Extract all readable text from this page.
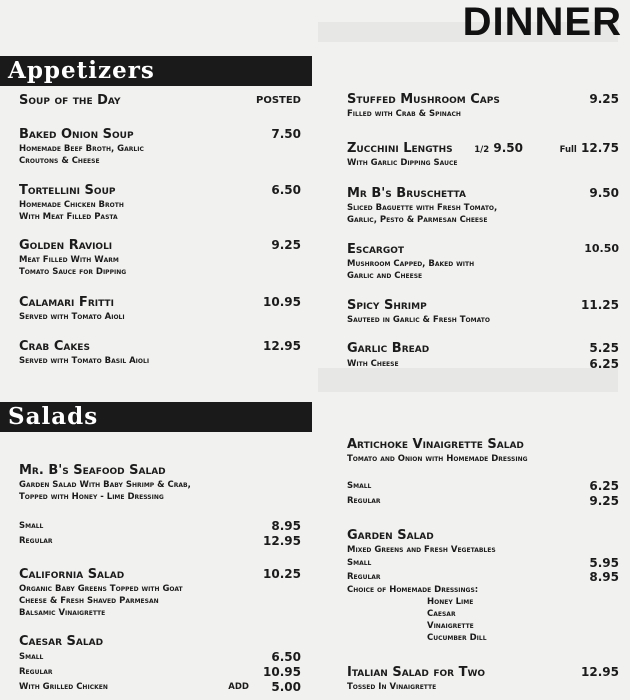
DINNER
Appetizers
Salads
Soup of the Day	POSTED
Baked Onion Soup	7.50
Homemade Beef Broth, Garlic
Croutons & Cheese
Tortellini Soup	6.50
Homemade Chicken Broth
With Meat Filled Pasta
Golden Ravioli	9.25
Meat Filled With Warm
Tomato Sauce for Dipping
Calamari Fritti	10.95
Served with Tomato Aioli
Crab Cakes	12.95
Served with Tomato Basil Aioli
Stuffed Mushroom Caps	9.25
Filled with Crab & Spinach
Zucchini Lengths	1/2 9.50	Full 12.75
With Garlic Dipping Sauce
Mr B's Bruschetta	9.50
Sliced Baguette with Fresh Tomato,
Garlic, Pesto & Parmesan Cheese
Escargot	10.50
Mushroom Capped, Baked with
Garlic and Cheese
Spicy Shrimp	11.25
Sauteed in Garlic & Fresh Tomato
Garlic Bread	5.25
With Cheese	6.25
Mr. B's Seafood Salad
Garden Salad With Baby Shrimp & Crab,
Topped with Honey - Lime Dressing
Small	8.95
Regular	12.95
California Salad	10.25
Organic Baby Greens Topped with Goat
Cheese & Fresh Shaved Parmesan
Balsamic Vinaigrette
Caesar Salad
Small	6.50
Regular	10.95
With Grilled Chicken	ADD 5.00
Artichoke Vinaigrette Salad
Tomato and Onion with Homemade Dressing
Small	6.25
Regular	9.25
Garden Salad
Mixed Greens and Fresh Vegetables
Small	5.95
Regular	8.95
Choice of Homemade Dressings:
Honey Lime
Caesar
Vinaigrette
Cucumber Dill
Italian Salad for Two	12.95
Tossed In Vinaigrette
